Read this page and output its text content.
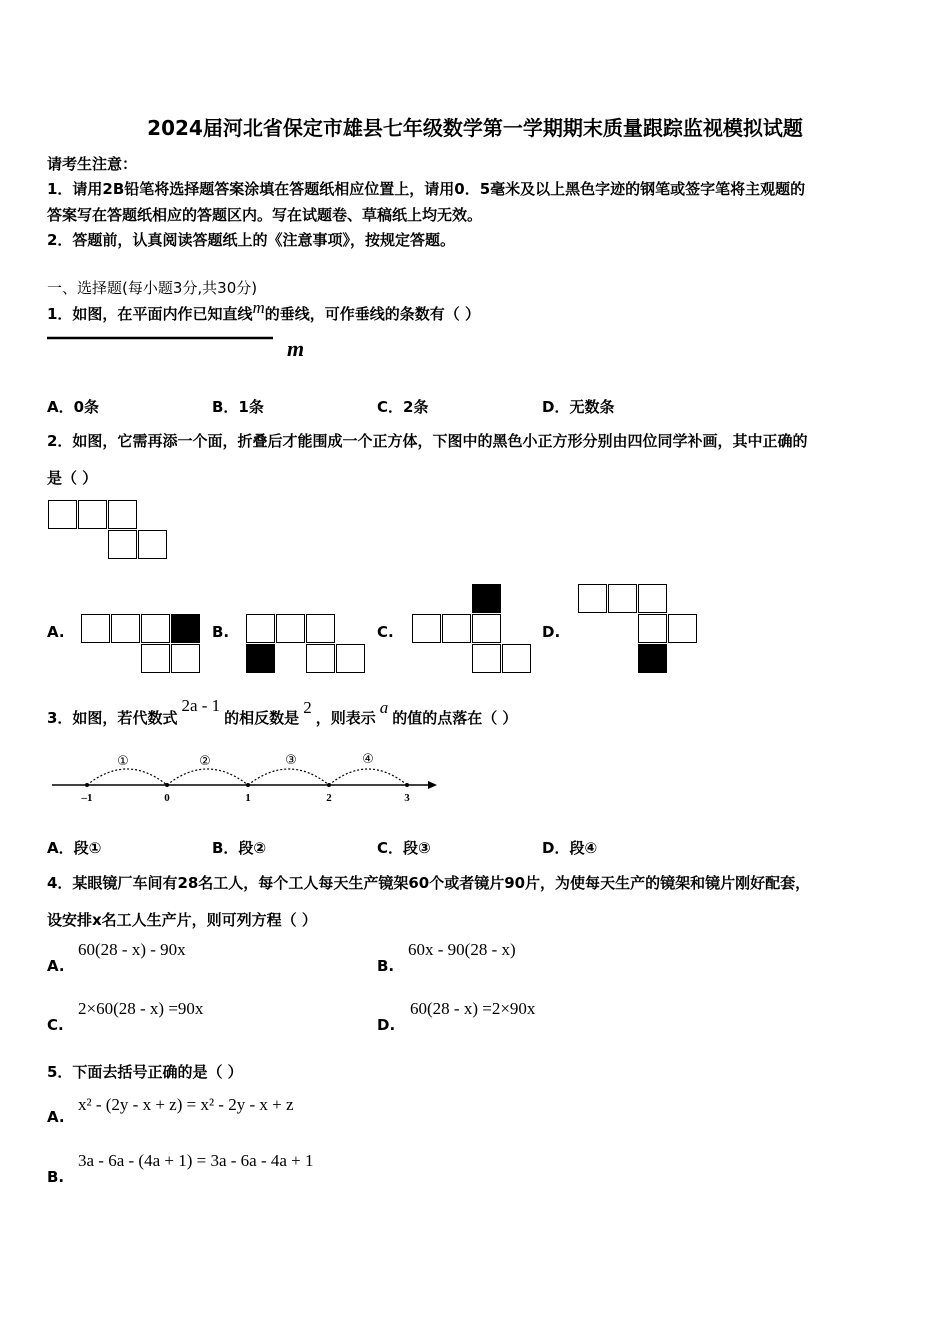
2024届河北省保定市雄县七年级数学第一学期期末质量跟踪监视模拟试题
请考生注意：
1．请用2B铅笔将选择题答案涂填在答题纸相应位置上，请用0．5毫米及以上黑色字迹的钢笔或签字笔将主观题的
答案写在答题纸相应的答题区内。写在试题卷、草稿纸上均无效。
2．答题前，认真阅读答题纸上的《注意事项》，按规定答题。
一、选择题(每小题3分,共30分)
1．如图，在平面内作已知直线m的垂线，可作垂线的条数有（ ）
m
A．0条	B．1条	C．2条	D．无数条
2．如图，它需再添一个面，折叠后才能围成一个正方体，下图中的黑色小正方形分别由四位同学补画，其中正确的
是（ ）
A.	B.	C.	D.
3．如图，若代数式2a - 1的相反数是2，则表示a的值的点落在（ ）
–1	0	1	2	3
①	②	③	④
A．段①	B．段②	C．段③	D．段④
4．某眼镜厂车间有28名工人，每个工人每天生产镜架60个或者镜片90片，为使每天生产的镜架和镜片刚好配套，
设安排x名工人生产片，则可列方程（ ）
A.
60(28 - x) - 90x
B.
60x - 90(28 - x)
C.
2×60(28 - x) =90x
D.
60(28 - x) =2×90x
5．下面去括号正确的是（ ）
A.
x² - (2y - x + z) = x² - 2y - x + z
B.
3a - 6a - (4a + 1) = 3a - 6a - 4a + 1
